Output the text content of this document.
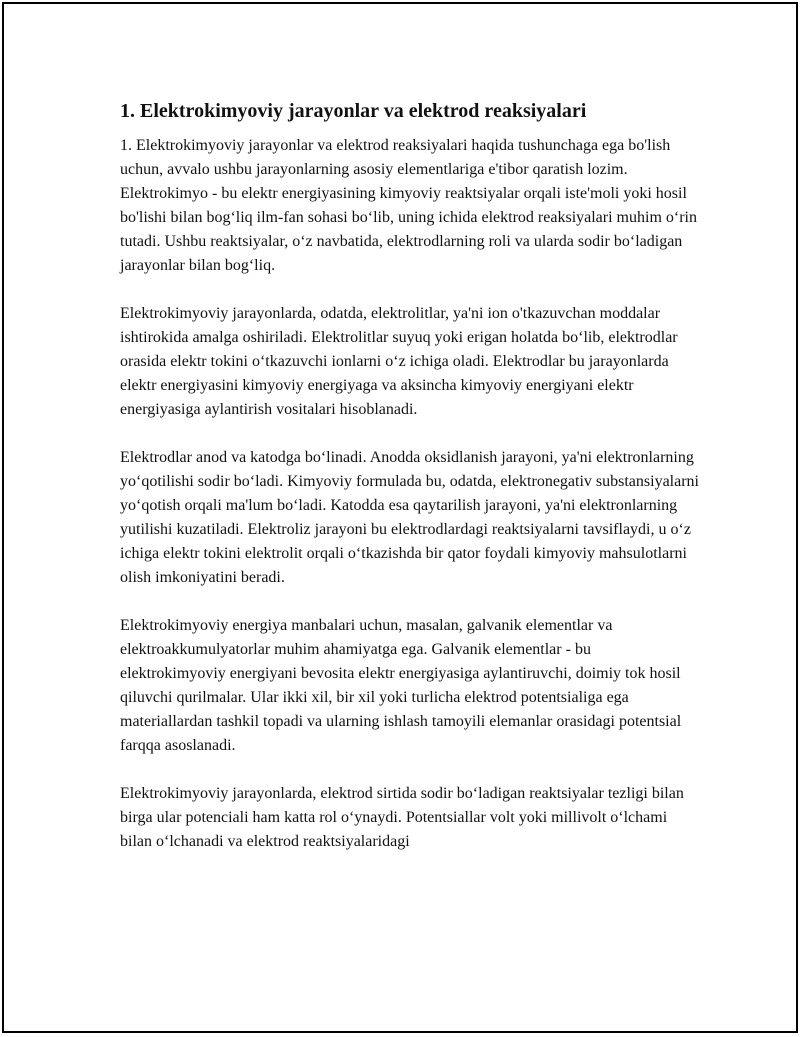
1. Elektrokimyoviy jarayonlar va elektrod reaksiyalari

1. Elektrokimyoviy jarayonlar va elektrod reaksiyalari haqida tushunchaga ega bo'lish uchun, avvalo ushbu jarayonlarning asosiy elementlariga e'tibor qaratish lozim. Elektrokimyo - bu elektr energiyasining kimyoviy reaktsiyalar orqali iste'moli yoki hosil bo'lishi bilan bog‘liq ilm-fan sohasi bo‘lib, uning ichida elektrod reaksiyalari muhim o‘rin tutadi. Ushbu reaktsiyalar, o‘z navbatida, elektrodlarning roli va ularda sodir bo‘ladigan jarayonlar bilan bog‘liq.

Elektrokimyoviy jarayonlarda, odatda, elektrolitlar, ya'ni ion o'tkazuvchan moddalar ishtirokida amalga oshiriladi. Elektrolitlar suyuq yoki erigan holatda bo‘lib, elektrodlar orasida elektr tokini o‘tkazuvchi ionlarni o‘z ichiga oladi. Elektrodlar bu jarayonlarda elektr energiyasini kimyoviy energiyaga va aksincha kimyoviy energiyani elektr energiyasiga aylantirish vositalari hisoblanadi.

Elektrodlar anod va katodga bo‘linadi. Anodda oksidlanish jarayoni, ya'ni elektronlarning yo‘qotilishi sodir bo‘ladi. Kimyoviy formulada bu, odatda, elektronegativ substansiyalarni yo‘qotish orqali ma'lum bo‘ladi. Katodda esa qaytarilish jarayoni, ya'ni elektronlarning yutilishi kuzatiladi. Elektroliz jarayoni bu elektrodlardagi reaktsiyalarni tavsiflaydi, u o‘z ichiga elektr tokini elektrolit orqali o‘tkazishda bir qator foydali kimyoviy mahsulotlarni olish imkoniyatini beradi.

Elektrokimyoviy energiya manbalari uchun, masalan, galvanik elementlar va elektroakkumulyatorlar muhim ahamiyatga ega. Galvanik elementlar - bu elektrokimyoviy energiyani bevosita elektr energiyasiga aylantiruvchi, doimiy tok hosil qiluvchi qurilmalar. Ular ikki xil, bir xil yoki turlicha elektrod potentsialiga ega materiallardan tashkil topadi va ularning ishlash tamoyili elemanlar orasidagi potentsial farqqa asoslanadi.

Elektrokimyoviy jarayonlarda, elektrod sirtida sodir bo‘ladigan reaktsiyalar tezligi bilan birga ular potenciali ham katta rol o‘ynaydi. Potentsiallar volt yoki millivolt o‘lchami bilan o‘lchanadi va elektrod reaktsiyalaridagi
